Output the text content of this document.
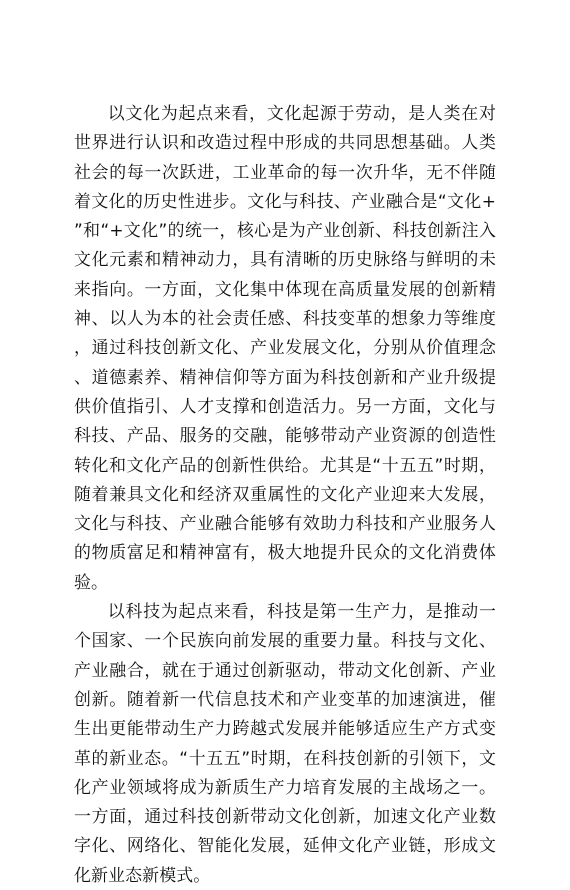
以文化为起点来看，文化起源于劳动，是人类在对世界进行认识和改造过程中形成的共同思想基础。人类社会的每一次跃进，工业革命的每一次升华，无不伴随着文化的历史性进步。文化与科技、产业融合是“文化+”和“+文化”的统一，核心是为产业创新、科技创新注入文化元素和精神动力，具有清晰的历史脉络与鲜明的未来指向。一方面，文化集中体现在高质量发展的创新精神、以人为本的社会责任感、科技变革的想象力等维度，通过科技创新文化、产业发展文化，分别从价值理念、道德素养、精神信仰等方面为科技创新和产业升级提供价值指引、人才支撑和创造活力。另一方面，文化与科技、产品、服务的交融，能够带动产业资源的创造性转化和文化产品的创新性供给。尤其是“十五五”时期，随着兼具文化和经济双重属性的文化产业迎来大发展，文化与科技、产业融合能够有效助力科技和产业服务人的物质富足和精神富有，极大地提升民众的文化消费体验。

以科技为起点来看，科技是第一生产力，是推动一个国家、一个民族向前发展的重要力量。科技与文化、产业融合，就在于通过创新驱动，带动文化创新、产业创新。随着新一代信息技术和产业变革的加速演进，催生出更能带动生产力跨越式发展并能够适应生产方式变革的新业态。“十五五”时期，在科技创新的引领下，文化产业领域将成为新质生产力培育发展的主战场之一。一方面，通过科技创新带动文化创新，加速文化产业数字化、网络化、智能化发展，延伸文化产业链，形成文化新业态新模式。
